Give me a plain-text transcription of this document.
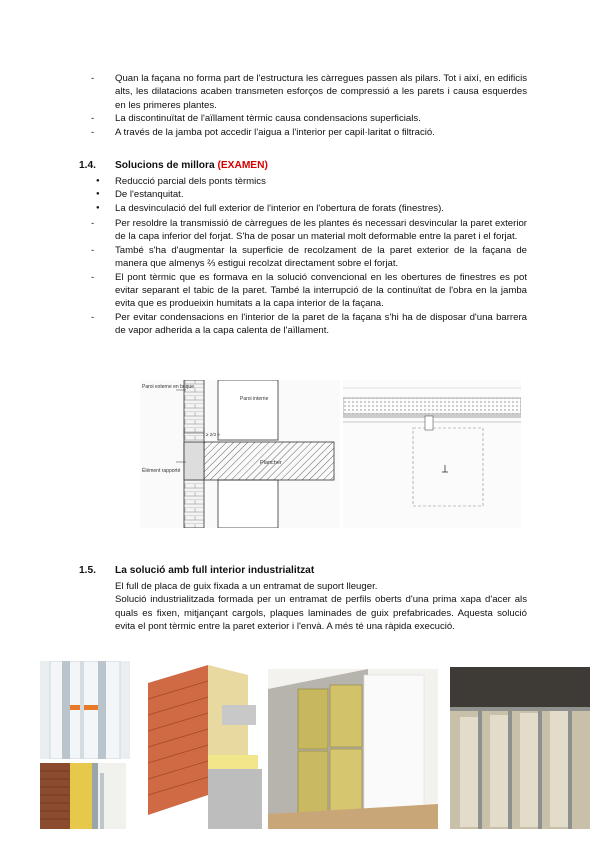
- Quan la façana no forma part de l'estructura les càrregues passen als pilars. Tot i així, en edificis alts, les dilatacions acaben transmeten esforços de compressió a les parets i causa esquerdes en les primeres plantes.
- La discontinuïtat de l'aïllament tèrmic causa condensacions superficials.
- A través de la jamba pot accedir l'aigua a l'interior per capil·laritat o filtració.
1.4. Solucions de millora (EXAMEN)
● Reducció parcial dels ponts tèrmics
● De l'estanquitat.
● La desvinculació del full exterior de l'interior en l'obertura de forats (finestres).
- Per resoldre la transmissió de càrregues de les plantes és necessari desvincular la paret exterior de la capa inferior del forjat. S'ha de posar un material molt deformable entre la paret i el forjat.
- També s'ha d'augmentar la superficie de recolzament de la paret exterior de la façana de manera que almenys ⅔ estigui recolzat directament sobre el forjat.
- El pont tèrmic que es formava en la solució convencional en les obertures de finestres es pot evitar separant el tabic de la paret. També la interrupció de la continuïtat de l'obra en la jamba evita que es produeixin humitats a la capa interior de la façana.
- Per evitar condensacions en l'interior de la paret de la façana s'hi ha de disposar d'una barrera de vapor adherida a la capa calenta de l'aïllament.
Paroi externe en brique
Paroi interne
Plancher
Élément rapporté
≥ 2/3 e
1.5. La solució amb full interior industrialitzat
El full de placa de guix fixada a un entramat de suport lleuger.
Solució industrialitzada formada per un entramat de perfils oberts d'una prima xapa d'acer als quals es fixen, mitjançant cargols, plaques laminades de guix prefabricades. Aquesta solució evita el pont tèrmic entre la paret exterior i l'envà. A més té una ràpida execució.
